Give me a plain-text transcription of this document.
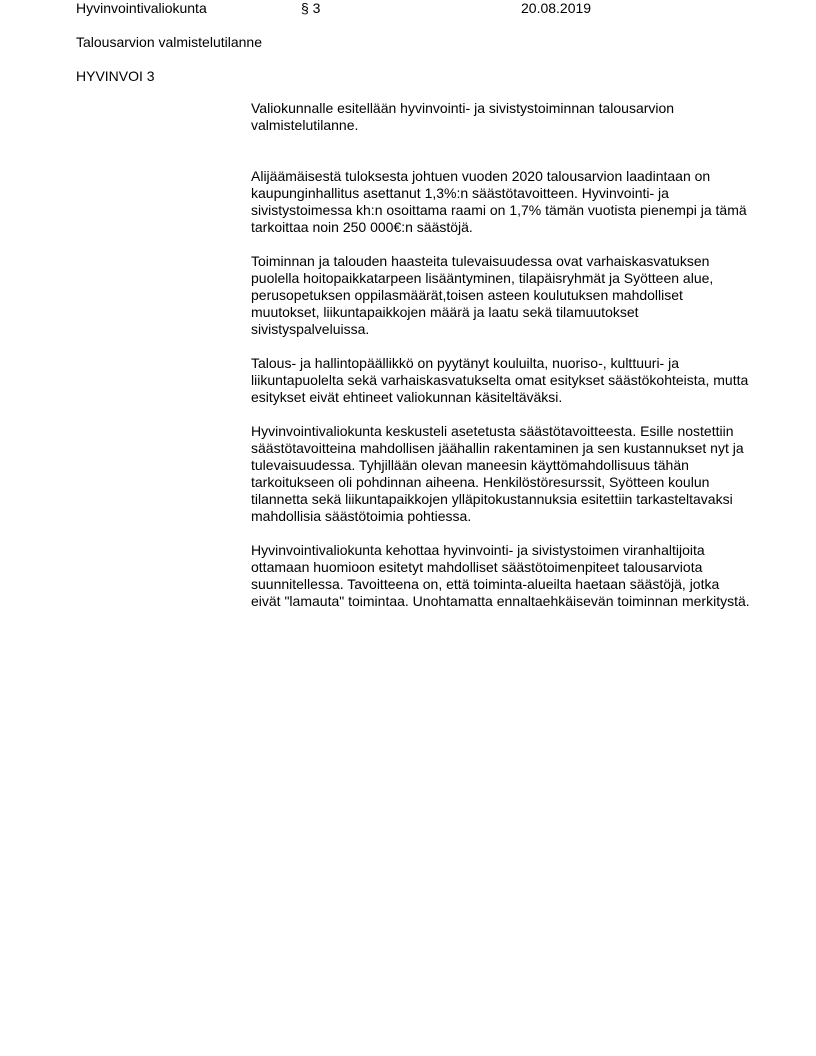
Hyvinvointivaliokunta	§ 3	20.08.2019
Talousarvion valmistelutilanne
HYVINVOI 3

Valiokunnalle esitellään hyvinvointi- ja sivistystoiminnan talousarvion valmistelutilanne.

Alijäämäisestä tuloksesta johtuen vuoden 2020 talousarvion laadintaan on kaupunginhallitus asettanut 1,3%:n säästötavoitteen. Hyvinvointi- ja sivistystoimessa kh:n osoittama raami on 1,7% tämän vuotista pienempi ja tämä tarkoittaa noin 250 000€:n säästöjä.

Toiminnan ja talouden haasteita tulevaisuudessa ovat varhaiskasvatuksen puolella hoitopaikkatarpeen lisääntyminen, tilapäisryhmät ja Syötteen alue, perusopetuksen oppilasmäärät,toisen asteen koulutuksen mahdolliset muutokset, liikuntapaikkojen määrä ja laatu sekä tilamuutokset sivistyspalveluissa.

Talous- ja hallintopäällikkö on pyytänyt kouluilta, nuoriso-, kulttuuri- ja liikuntapuolelta sekä varhaiskasvatukselta omat esitykset säästökohteista, mutta esitykset eivät ehtineet valiokunnan käsiteltäväksi.

Hyvinvointivaliokunta keskusteli asetetusta säästötavoitteesta. Esille nostettiin säästötavoitteina mahdollisen jäähallin rakentaminen ja sen kustannukset nyt ja tulevaisuudessa. Tyhjillään olevan maneesin käyttömahdollisuus tähän tarkoitukseen oli pohdinnan aiheena. Henkilöstöresurssit, Syötteen koulun tilannetta sekä liikuntapaikkojen ylläpitokustannuksia esitettiin tarkasteltavaksi mahdollisia säästötoimia pohtiessa.

Hyvinvointivaliokunta kehottaa hyvinvointi- ja sivistystoimen viranhaltijoita ottamaan huomioon esitetyt mahdolliset säästötoimenpiteet talousarviota suunnitellessa. Tavoitteena on, että toiminta-alueilta haetaan säästöjä, jotka eivät "lamauta" toimintaa. Unohtamatta ennaltaehkäisevän toiminnan merkitystä.
